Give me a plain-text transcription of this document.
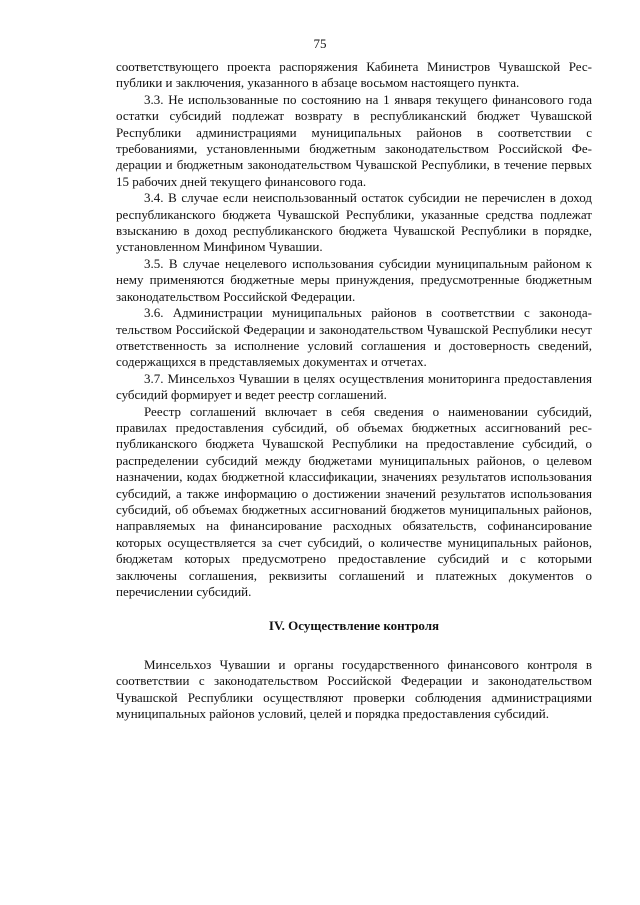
75

соответствующего проекта распоряжения Кабинета Министров Чувашской Республики и заключения, указанного в абзаце восьмом настоящего пункта.

3.3. Не использованные по состоянию на 1 января текущего финансового года остатки субсидий подлежат возврату в республиканский бюджет Чувашской Республики администрациями муниципальных районов в соответствии с требованиями, установленными бюджетным законодательством Российской Федерации и бюджетным законодательством Чувашской Республики, в течение первых 15 рабочих дней текущего финансового года.

3.4. В случае если неиспользованный остаток субсидии не перечислен в доход республиканского бюджета Чувашской Республики, указанные средства подлежат взысканию в доход республиканского бюджета Чувашской Республики в порядке, установленном Минфином Чувашии.

3.5. В случае нецелевого использования субсидии муниципальным районом к нему применяются бюджетные меры принуждения, предусмотренные бюджетным законодательством Российской Федерации.

3.6. Администрации муниципальных районов в соответствии с законодательством Российской Федерации и законодательством Чувашской Республики несут ответственность за исполнение условий соглашения и достоверность сведений, содержащихся в представляемых документах и отчетах.

3.7. Минсельхоз Чувашии в целях осуществления мониторинга предоставления субсидий формирует и ведет реестр соглашений.

Реестр соглашений включает в себя сведения о наименовании субсидий, правилах предоставления субсидий, об объемах бюджетных ассигнований республиканского бюджета Чувашской Республики на предоставление субсидий, о распределении субсидий между бюджетами муниципальных районов, о целевом назначении, кодах бюджетной классификации, значениях результатов использования субсидий, а также информацию о достижении значений результатов использования субсидий, об объемах бюджетных ассигнований бюджетов муниципальных районов, направляемых на финансирование расходных обязательств, софинансирование которых осуществляется за счет субсидий, о количестве муниципальных районов, бюджетам которых предусмотрено предоставление субсидий и с которыми заключены соглашения, реквизиты соглашений и платежных документов о перечислении субсидий.

IV. Осуществление контроля

Минсельхоз Чувашии и органы государственного финансового контроля в соответствии с законодательством Российской Федерации и законодательством Чувашской Республики осуществляют проверки соблюдения администрациями муниципальных районов условий, целей и порядка предоставления субсидий.
